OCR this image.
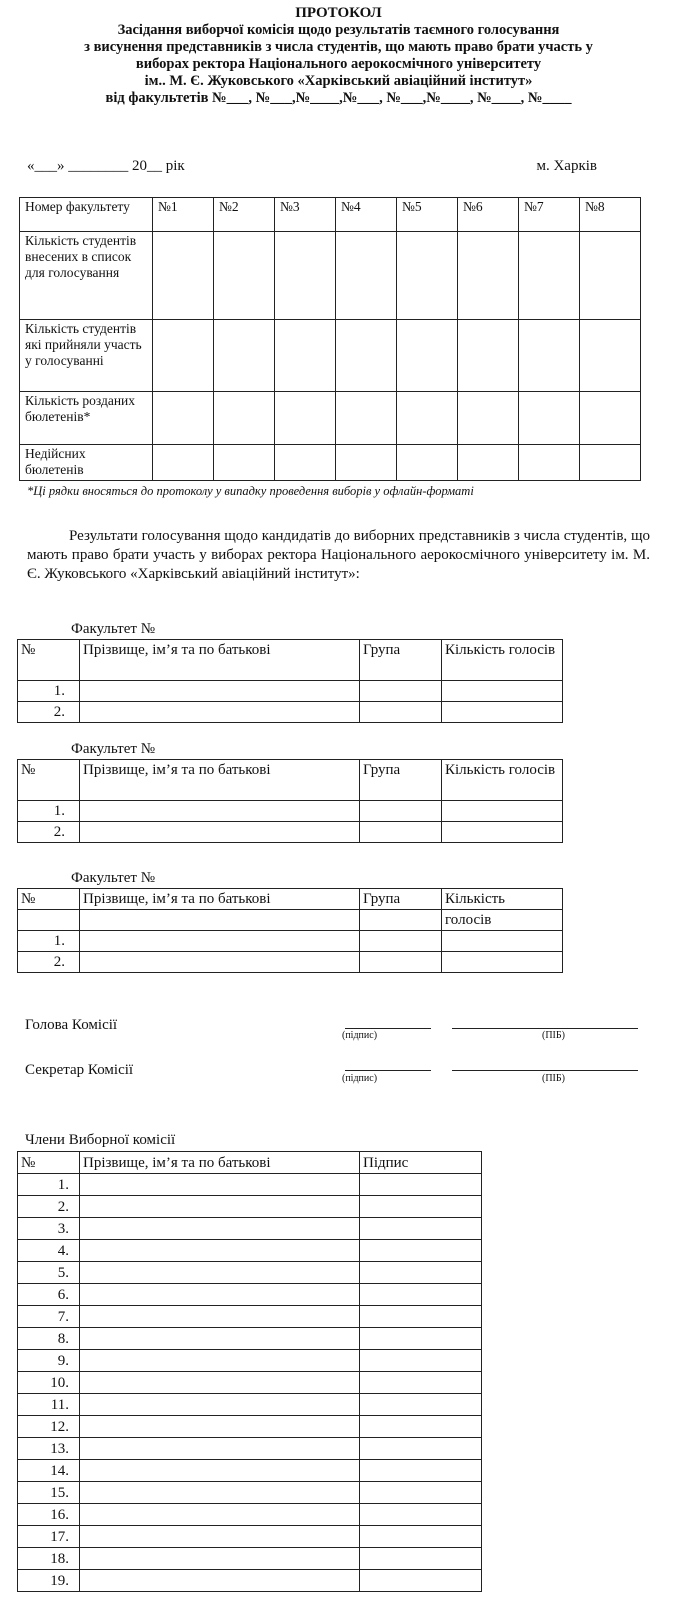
ПРОТОКОЛ
Засідання виборчої комісія щодо результатів таємного голосування
з висунення представників з числа студентів, що мають право брати участь у
виборах ректора Національного аерокосмічного університету
ім.. М. Є. Жуковського «Харківський авіаційний інститут»
від факультетів №___, №___,№____,№___, №___,№____, №____, №____
«___» ________ 20__ рік	м. Харків
Номер факультету	№1	№2	№3	№4	№5	№6	№7	№8
Кількість студентів внесених в список для голосування								
Кількість студентів які прийняли участь у голосуванні								
Кількість розданих бюлетенів*								
Недійсних бюлетенів								
*Ці рядки вносяться до протоколу у випадку проведення виборів у офлайн-форматі
Результати голосування щодо кандидатів до виборних представників з числа студентів, що мають право брати участь у виборах ректора Національного аерокосмічного університету ім. М. Є. Жуковського «Харківський авіаційний інститут»:
Факультет №
№	Прізвище, ім’я та по батькові	Група	Кількість голосів
1.			
2.			
Факультет №
№	Прізвище, ім’я та по батькові	Група	Кількість голосів
1.			
2.			
Факультет №
№	Прізвище, ім’я та по батькові	Група	Кількість
			голосів
1.			
2.			
Голова Комісії
(підпис)	(ПІБ)
Секретар Комісії
(підпис)	(ПІБ)
Члени Виборної комісії
№	Прізвище, ім’я та по батькові	Підпис
1.		
2.		
3.		
4.		
5.		
6.		
7.		
8.		
9.		
10.		
11.		
12.		
13.		
14.		
15.		
16.		
17.		
18.		
19.		
